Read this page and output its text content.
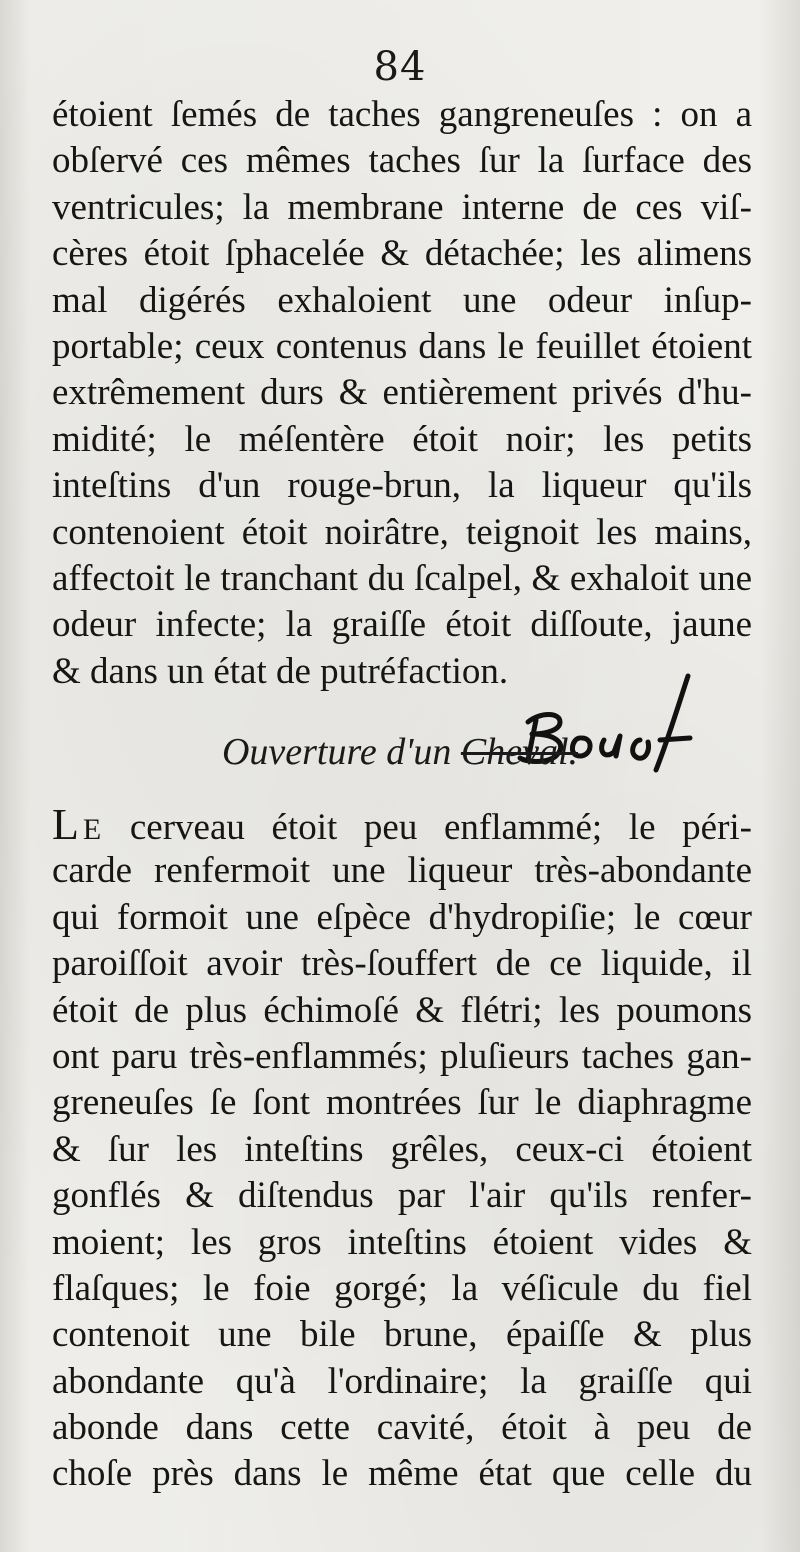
84
étoient ſemés de taches gangreneuſes : on a
obſervé ces mêmes taches ſur la ſurface des
ventricules; la membrane interne de ces viſ-
cères étoit ſphacelée & détachée; les alimens
mal digérés exhaloient une odeur inſup-
portable; ceux contenus dans le feuillet étoient
extrêmement durs & entièrement privés d'hu-
midité; le méſentère étoit noir; les petits
inteſtins d'un rouge-brun, la liqueur qu'ils
contenoient étoit noirâtre, teignoit les mains,
affectoit le tranchant du ſcalpel, & exhaloit une
odeur infecte; la graiſſe étoit diſſoute, jaune
& dans un état de putréfaction.
Ouverture d'un Cheval.
LE cerveau étoit peu enflammé; le péri-
carde renfermoit une liqueur très-abondante
qui formoit une eſpèce d'hydropiſie; le cœur
paroiſſoit avoir très-ſouffert de ce liquide, il
étoit de plus échimoſé & flétri; les poumons
ont paru très-enflammés; pluſieurs taches gan-
greneuſes ſe ſont montrées ſur le diaphragme
& ſur les inteſtins grêles, ceux-ci étoient
gonflés & diſtendus par l'air qu'ils renfer-
moient; les gros inteſtins étoient vides &
flaſques; le foie gorgé; la véſicule du fiel
contenoit une bile brune, épaiſſe & plus
abondante qu'à l'ordinaire; la graiſſe qui
abonde dans cette cavité, étoit à peu de
choſe près dans le même état que celle du
